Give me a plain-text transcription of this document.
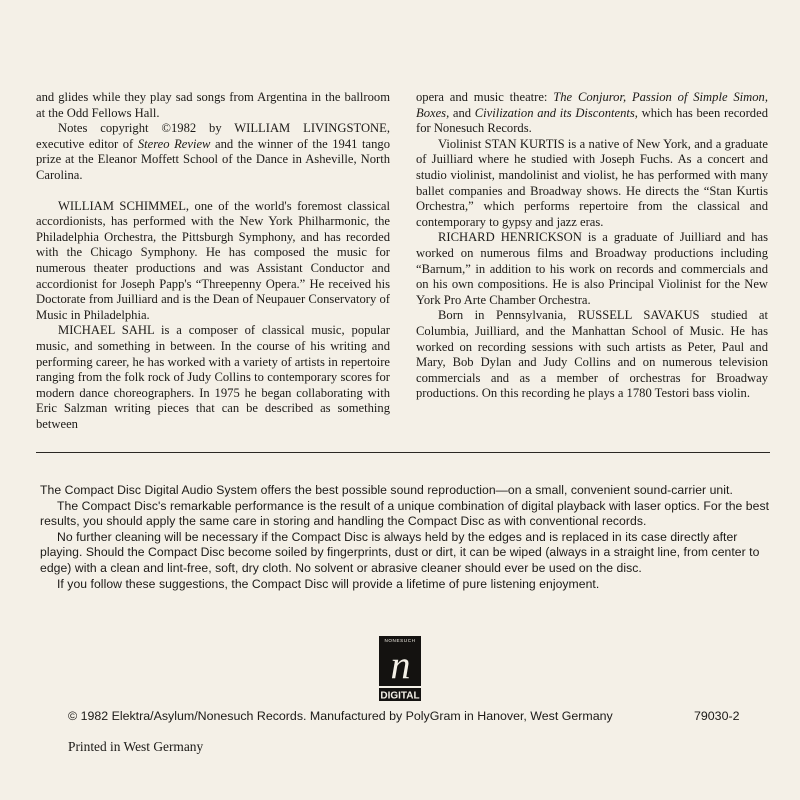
and glides while they play sad songs from Argentina in the ballroom at the Odd Fellows Hall.

Notes copyright ©1982 by WILLIAM LIVINGSTONE, executive editor of Stereo Review and the winner of the 1941 tango prize at the Eleanor Moffett School of the Dance in Asheville, North Carolina.

WILLIAM SCHIMMEL, one of the world's foremost classical accordionists, has performed with the New York Philharmonic, the Philadelphia Orchestra, the Pittsburgh Symphony, and has recorded with the Chicago Symphony. He has composed the music for numerous theater productions and was Assistant Conductor and accordionist for Joseph Papp's “Threepenny Opera.” He received his Doctorate from Juilliard and is the Dean of Neupauer Conservatory of Music in Philadelphia.

MICHAEL SAHL is a composer of classical music, popular music, and something in between. In the course of his writing and performing career, he has worked with a variety of artists in repertoire ranging from the folk rock of Judy Collins to contemporary scores for modern dance choreographers. In 1975 he began collaborating with Eric Salzman writing pieces that can be described as something between

opera and music theatre: The Conjuror, Passion of Simple Simon, Boxes, and Civilization and its Discontents, which has been recorded for Nonesuch Records.

Violinist STAN KURTIS is a native of New York, and a graduate of Juilliard where he studied with Joseph Fuchs. As a concert and studio violinist, mandolinist and violist, he has performed with many ballet companies and Broadway shows. He directs the “Stan Kurtis Orchestra,” which performs repertoire from the classical and contemporary to gypsy and jazz eras.

RICHARD HENRICKSON is a graduate of Juilliard and has worked on numerous films and Broadway productions including “Barnum,” in addition to his work on records and commercials and on his own compositions. He is also Principal Violinist for the New York Pro Arte Chamber Orchestra.

Born in Pennsylvania, RUSSELL SAVAKUS studied at Columbia, Juilliard, and the Manhattan School of Music. He has worked on recording sessions with such artists as Peter, Paul and Mary, Bob Dylan and Judy Collins and on numerous television commercials and as a member of orchestras for Broadway productions. On this recording he plays a 1780 Testori bass violin.

The Compact Disc Digital Audio System offers the best possible sound reproduction—on a small, convenient sound-carrier unit.

The Compact Disc's remarkable performance is the result of a unique combination of digital playback with laser optics. For the best results, you should apply the same care in storing and handling the Compact Disc as with conventional records.

No further cleaning will be necessary if the Compact Disc is always held by the edges and is replaced in its case directly after playing. Should the Compact Disc become soiled by fingerprints, dust or dirt, it can be wiped (always in a straight line, from center to edge) with a clean and lint-free, soft, dry cloth. No solvent or abrasive cleaner should ever be used on the disc.

If you follow these suggestions, the Compact Disc will provide a lifetime of pure listening enjoyment.

NONESUCH
n
DIGITAL
© 1982 Elektra/Asylum/Nonesuch Records. Manufactured by PolyGram in Hanover, West Germany	79030-2
Printed in West Germany
